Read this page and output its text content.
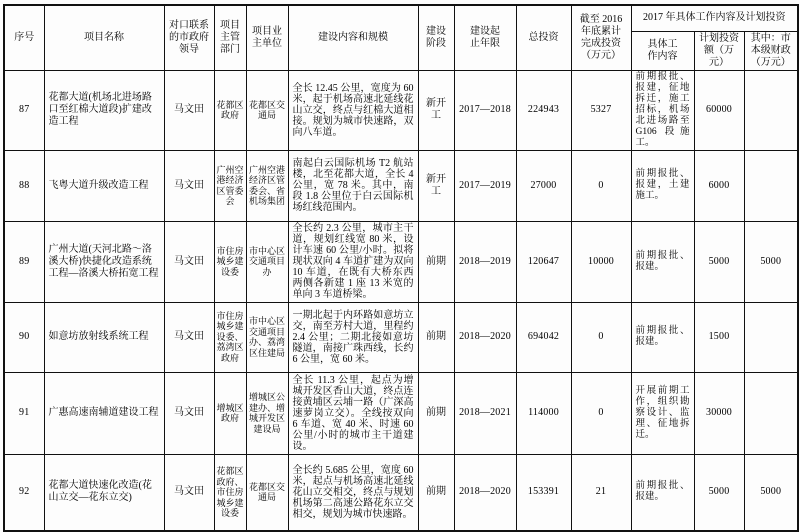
序号	项目名称	对口联系的市政府领导	项目主管部门	项目业主单位	建设内容和规模	建设阶段	建设起止年限	总投资	截至 2016 年底累计完成投资（万元）	2017 年具体工作内容及计划投资		
										具体工作内容	计划投资额（万元）	其中：市本级财政（万元）
87	花都大道(机场北进场路口至红棉大道段)扩建改造工程	马文田	花都区政府	花都区交通局	全长 12.45 公里，宽度为 60 米，起于机场高速北延线花山立交，终点与红棉大道相接。规划为城市快速路，双向八车道。	新开工	2017—2018	224943	5327	前期报批、报建，征地拆迁，施工招标，机场北进场路至 G106 段施工。	60000	
88	飞粤大道升级改造工程	马文田	广州空港经济区管委会	广州空港经济区管委会、省机场集团	南起白云国际机场 T2 航站楼，北至花都大道，全长 4 公里，宽 78 米。其中，南段 1.8 公里位于白云国际机场红线范围内。	新开工	2017—2019	27000	0	前期报批、报建，土建施工。	6000	
89	广州大道(天河北路～洛溪大桥)快捷化改造系统工程—洛溪大桥拓宽工程	马文田	市住房城乡建设委	市中心区交通项目办	全长约 2.3 公里，城市主干道，规划红线宽 80 米，设计车速 60 公里/小时。拟将现状双向 4 车道扩建为双向 10 车道，在既有大桥东西两侧各新建 1 座 13 米宽的单向 3 车道桥梁。	前期	2018—2019	120647	10000	前期报批、报建。	5000	5000
90	如意坊放射线系统工程	马文田	市住房城乡建设委、荔湾区政府	市中心区交通项目办、荔湾区住建局	一期北起于内环路如意坊立交，南至芳村大道，里程约 2.4 公里；二期北接如意坊隧道，南接广珠西线，长约 6 公里，宽 60 米。	前期	2018—2020	694042	0	前期报批、报建。	1500	
91	广惠高速南辅道建设工程	马文田	增城区政府	增城区公建办、增城开发区建设局	全长 11.3 公里，起点为增城开发区香山大道，终点连接黄埔区云埔一路（广深高速萝岗立交）。全线按双向 6 车道、宽 40 米、时速 60 公里/小时的城市主干道建设。	前期	2018—2021	114000	0	开展前期工作，组织勘察设计、监理、征地拆迁。	30000	
92	花都大道快速化改造(花山立交—花东立交)	马文田	花都区政府、市住房城乡建设委	花都区交通局	全长约 5.685 公里，宽度 60 米，起点与机场高速北延线花山立交相交，终点与规划机场第二高速公路花东立交相交，规划为城市快速路。	前期	2018—2020	153391	21	前期报批、报建。	5000	5000
